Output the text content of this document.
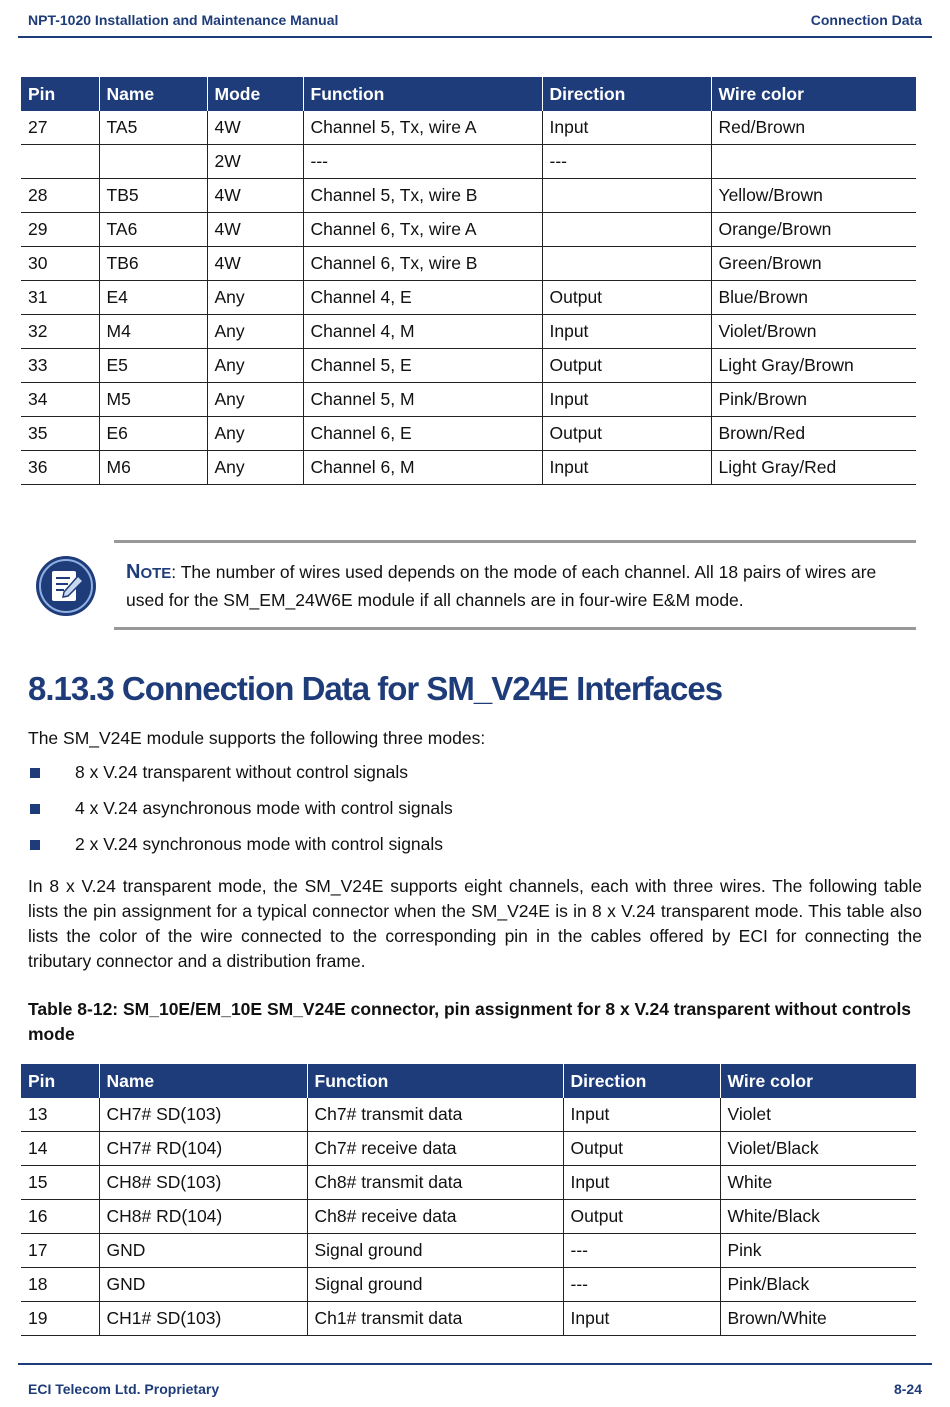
NPT-1020 Installation and Maintenance Manual	Connection Data
Pin	Name	Mode	Function	Direction	Wire color
27	TA5	4W	Channel 5, Tx, wire A	Input	Red/Brown
		2W	---	---	
28	TB5	4W	Channel 5, Tx, wire B		Yellow/Brown
29	TA6	4W	Channel 6, Tx, wire A		Orange/Brown
30	TB6	4W	Channel 6, Tx, wire B		Green/Brown
31	E4	Any	Channel 4, E	Output	Blue/Brown
32	M4	Any	Channel 4, M	Input	Violet/Brown
33	E5	Any	Channel 5, E	Output	Light Gray/Brown
34	M5	Any	Channel 5, M	Input	Pink/Brown
35	E6	Any	Channel 6, E	Output	Brown/Red
36	M6	Any	Channel 6, M	Input	Light Gray/Red
NOTE: The number of wires used depends on the mode of each channel. All 18 pairs of wires are used for the SM_EM_24W6E module if all channels are in four-wire E&M mode.
8.13.3 Connection Data for SM_V24E Interfaces
The SM_V24E module supports the following three modes:
8 x V.24 transparent without control signals
4 x V.24 asynchronous mode with control signals
2 x V.24 synchronous mode with control signals
In 8 x V.24 transparent mode, the SM_V24E supports eight channels, each with three wires. The following table lists the pin assignment for a typical connector when the SM_V24E is in 8 x V.24 transparent mode. This table also lists the color of the wire connected to the corresponding pin in the cables offered by ECI for connecting the tributary connector and a distribution frame.
Table 8-12: SM_10E/EM_10E SM_V24E connector, pin assignment for 8 x V.24 transparent without controls mode
Pin	Name	Function	Direction	Wire color
13	CH7# SD(103)	Ch7# transmit data	Input	Violet
14	CH7# RD(104)	Ch7# receive data	Output	Violet/Black
15	CH8# SD(103)	Ch8# transmit data	Input	White
16	CH8# RD(104)	Ch8# receive data	Output	White/Black
17	GND	Signal ground	---	Pink
18	GND	Signal ground	---	Pink/Black
19	CH1# SD(103)	Ch1# transmit data	Input	Brown/White
ECI Telecom Ltd. Proprietary	8-24
